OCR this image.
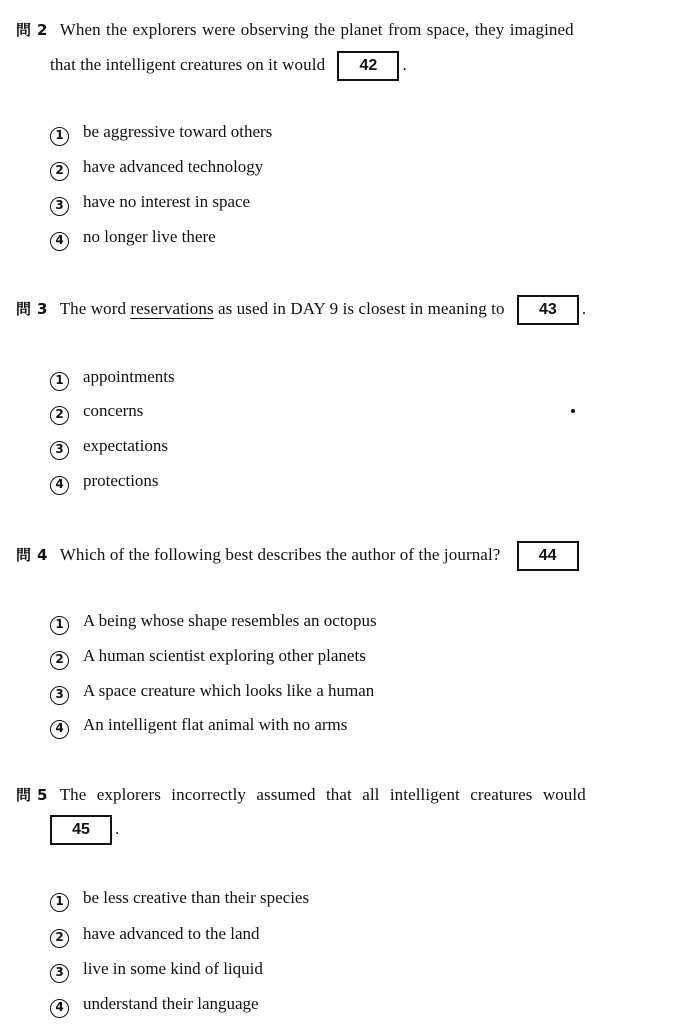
問 2 When the explorers were observing the planet from space, they imagined
that the intelligent creatures on it would 42 .
1 be aggressive toward others
2 have advanced technology
3 have no interest in space
4 no longer live there
問 3 The word reservations as used in DAY 9 is closest in meaning to 43 .
1 appointments
2 concerns
3 expectations
4 protections
問 4 Which of the following best describes the author of the journal? 44
1 A being whose shape resembles an octopus
2 A human scientist exploring other planets
3 A space creature which looks like a human
4 An intelligent flat animal with no arms
問 5 The explorers incorrectly assumed that all intelligent creatures would
45 .
1 be less creative than their species
2 have advanced to the land
3 live in some kind of liquid
4 understand their language
